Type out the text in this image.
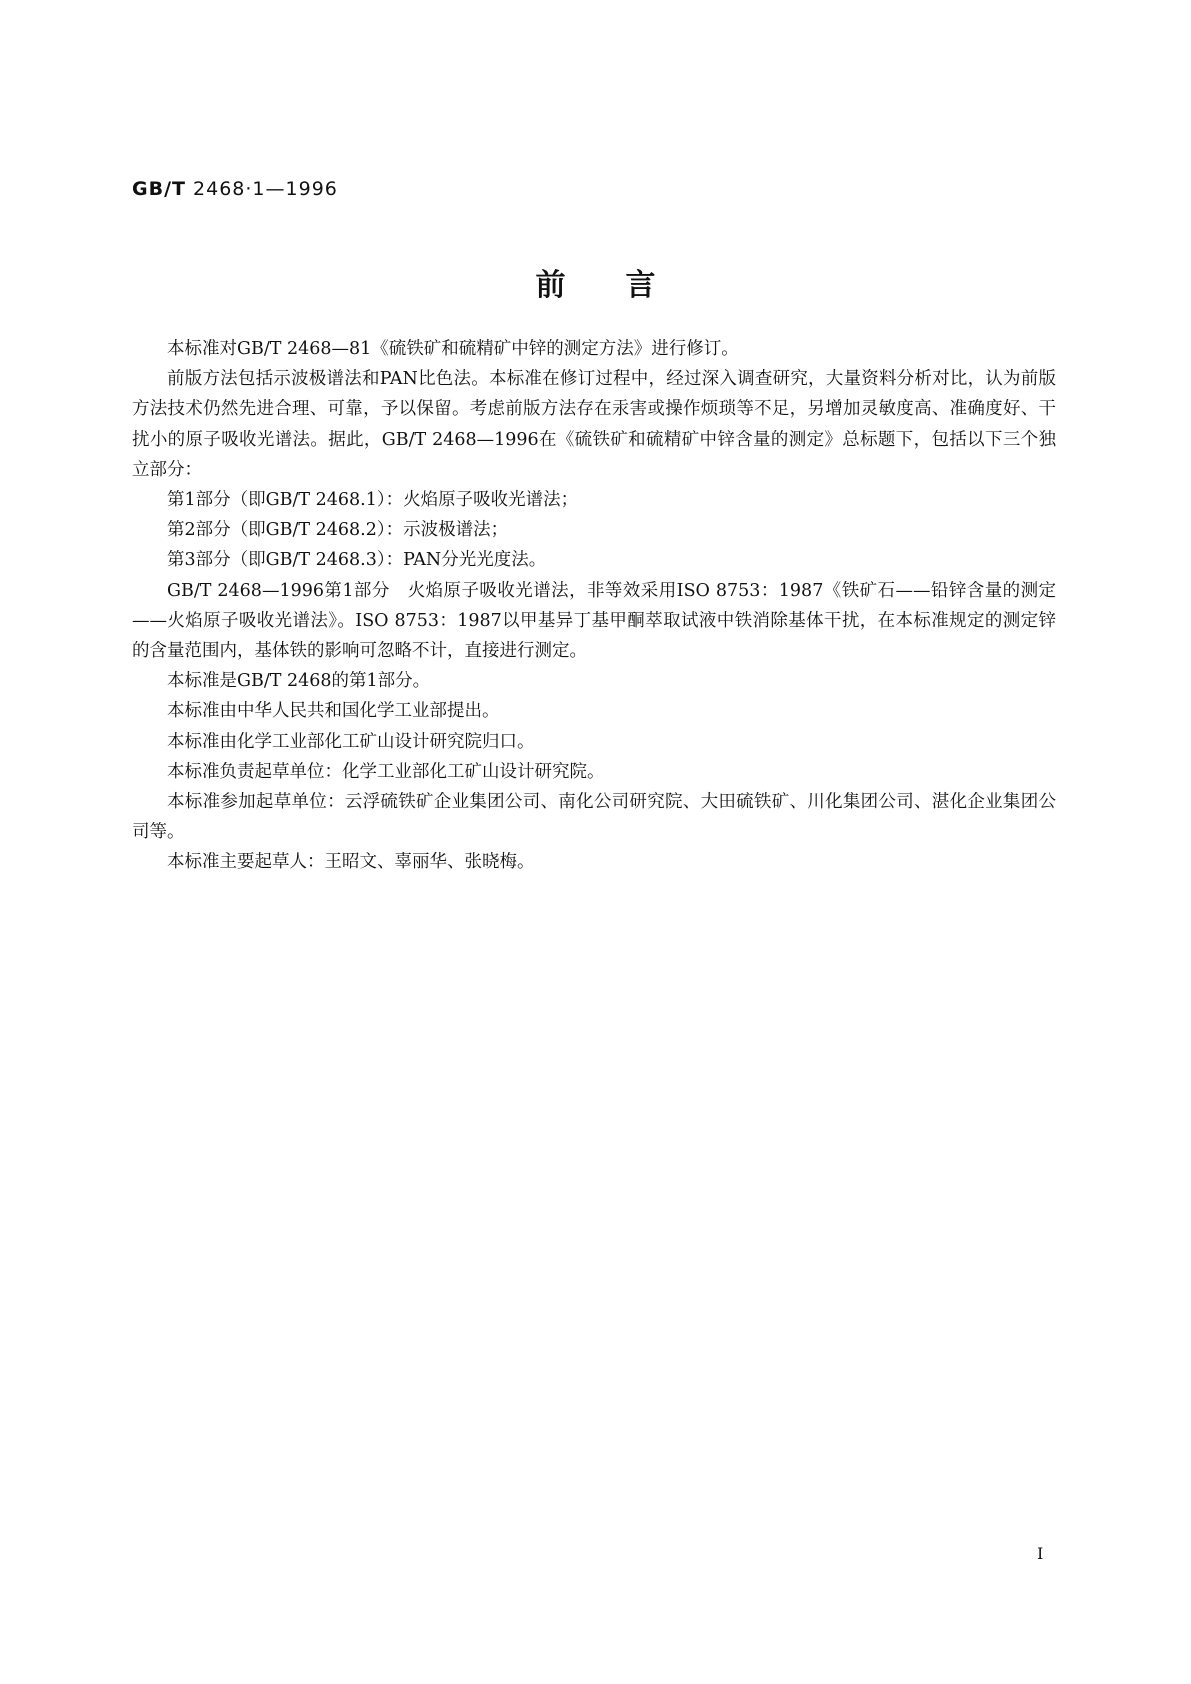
GB/T 2468·1—1996
前言

本标准对GB/T 2468—81《硫铁矿和硫精矿中锌的测定方法》进行修订。

前版方法包括示波极谱法和PAN比色法。本标准在修订过程中，经过深入调查研究，大量资料分析对比，认为前版方法技术仍然先进合理、可靠，予以保留。考虑前版方法存在汞害或操作烦琐等不足，另增加灵敏度高、准确度好、干扰小的原子吸收光谱法。据此，GB/T 2468—1996在《硫铁矿和硫精矿中锌含量的测定》总标题下，包括以下三个独立部分：

第1部分（即GB/T 2468.1）：火焰原子吸收光谱法；

第2部分（即GB/T 2468.2）：示波极谱法；

第3部分（即GB/T 2468.3）：PAN分光光度法。

GB/T 2468—1996第1部分　火焰原子吸收光谱法，非等效采用ISO 8753：1987《铁矿石——铅锌含量的测定——火焰原子吸收光谱法》。ISO 8753：1987以甲基异丁基甲酮萃取试液中铁消除基体干扰，在本标准规定的测定锌的含量范围内，基体铁的影响可忽略不计，直接进行测定。

本标准是GB/T 2468的第1部分。

本标准由中华人民共和国化学工业部提出。

本标准由化学工业部化工矿山设计研究院归口。

本标准负责起草单位：化学工业部化工矿山设计研究院。

本标准参加起草单位：云浮硫铁矿企业集团公司、南化公司研究院、大田硫铁矿、川化集团公司、湛化企业集团公司等。

本标准主要起草人：王昭文、辜丽华、张晓梅。

I
